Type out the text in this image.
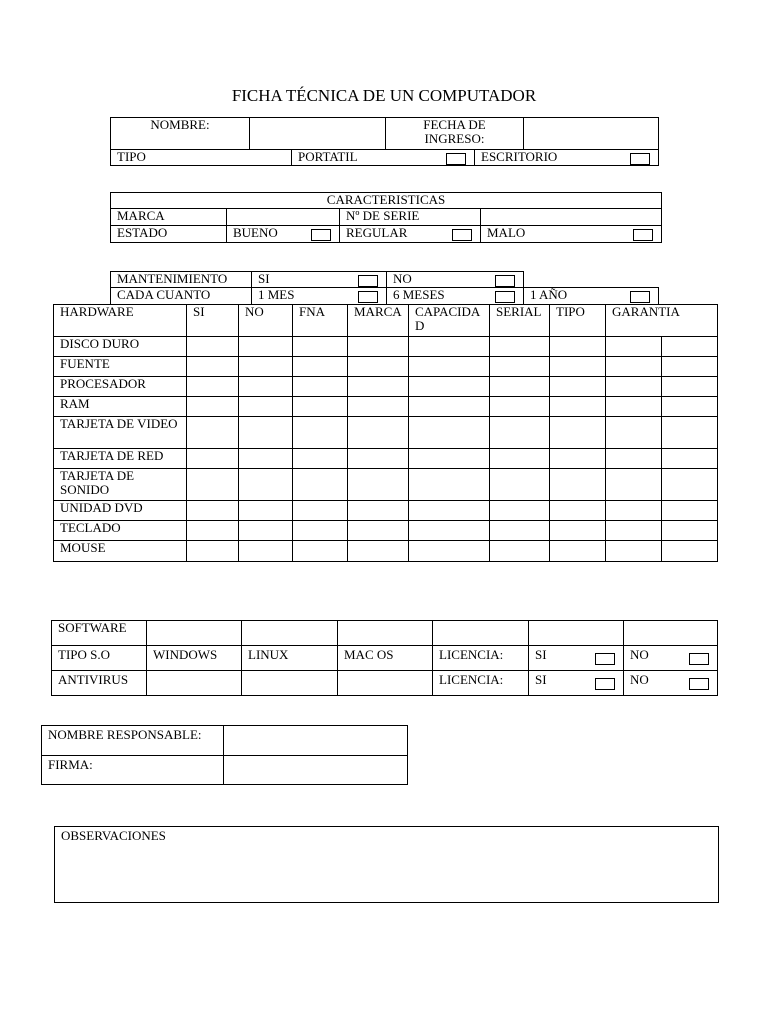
FICHA TÉCNICA DE UN COMPUTADOR
NOMBRE:		FECHA DE INGRESO:	
TIPO	PORTATIL	ESCRITORIO
CARACTERISTICAS			
MARCA		Nº DE SERIE	
ESTADO	BUENO	REGULAR	MALO
MANTENIMIENTO	SI	NO
CADA CUANTO	1 MES	6 MESES	1 AÑO
HARDWARE	SI	NO	FNA	MARCA	CAPACIDAD	SERIAL	TIPO	GARANTIA	
DISCO DURO									
FUENTE									
PROCESADOR									
RAM									
TARJETA DE VIDEO									
TARJETA DE RED									
TARJETA DE SONIDO									
UNIDAD DVD									
TECLADO									
MOUSE									
SOFTWARE						
TIPO S.O	WINDOWS	LINUX	MAC OS	LICENCIA:	SI	NO

ANTIVIRUS				LICENCIA:	SI	NO
NOMBRE RESPONSABLE:	
FIRMA:	
OBSERVACIONES
